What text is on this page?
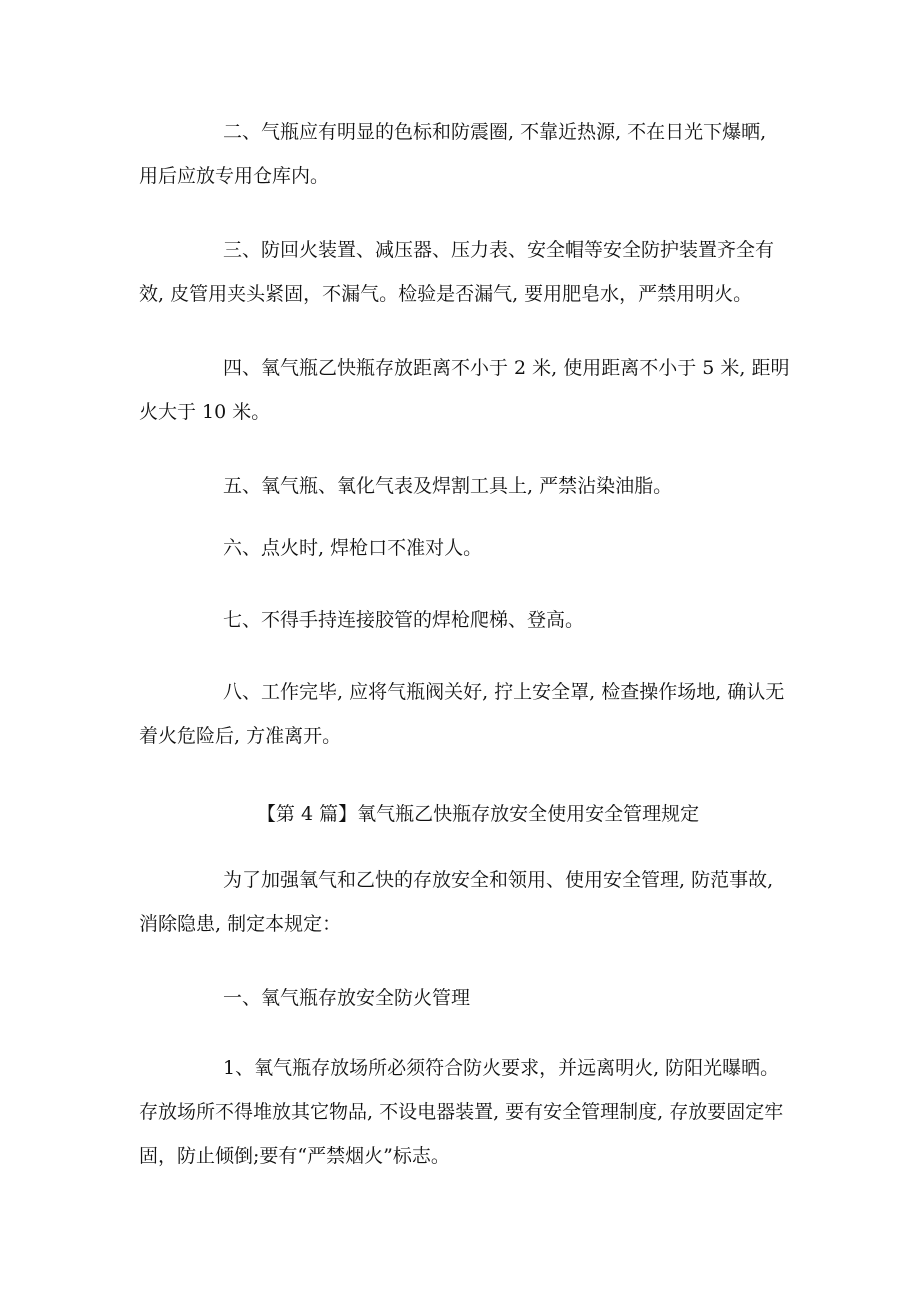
二、气瓶应有明显的色标和防震圈, 不靠近热源, 不在日光下爆晒, 用后应放专用仓库内。

三、防回火装置、减压器、压力表、安全帽等安全防护装置齐全有效, 皮管用夹头紧固，不漏气。检验是否漏气, 要用肥皂水，严禁用明火。

四、氧气瓶乙快瓶存放距离不小于 2 米, 使用距离不小于 5 米, 距明火大于 10 米。

五、氧气瓶、氧化气表及焊割工具上, 严禁沾染油脂。

六、点火时, 焊枪口不准对人。

七、不得手持连接胶管的焊枪爬梯、登高。

八、工作完毕, 应将气瓶阀关好, 拧上安全罩, 检查操作场地, 确认无着火危险后, 方准离开。

【第 4 篇】氧气瓶乙快瓶存放安全使用安全管理规定

为了加强氧气和乙快的存放安全和领用、使用安全管理, 防范事故, 消除隐患, 制定本规定：

一、氧气瓶存放安全防火管理

1、氧气瓶存放场所必须符合防火要求，并远离明火, 防阳光曝晒。存放场所不得堆放其它物品, 不设电器装置, 要有安全管理制度, 存放要固定牢固，防止倾倒;要有“严禁烟火”标志。
